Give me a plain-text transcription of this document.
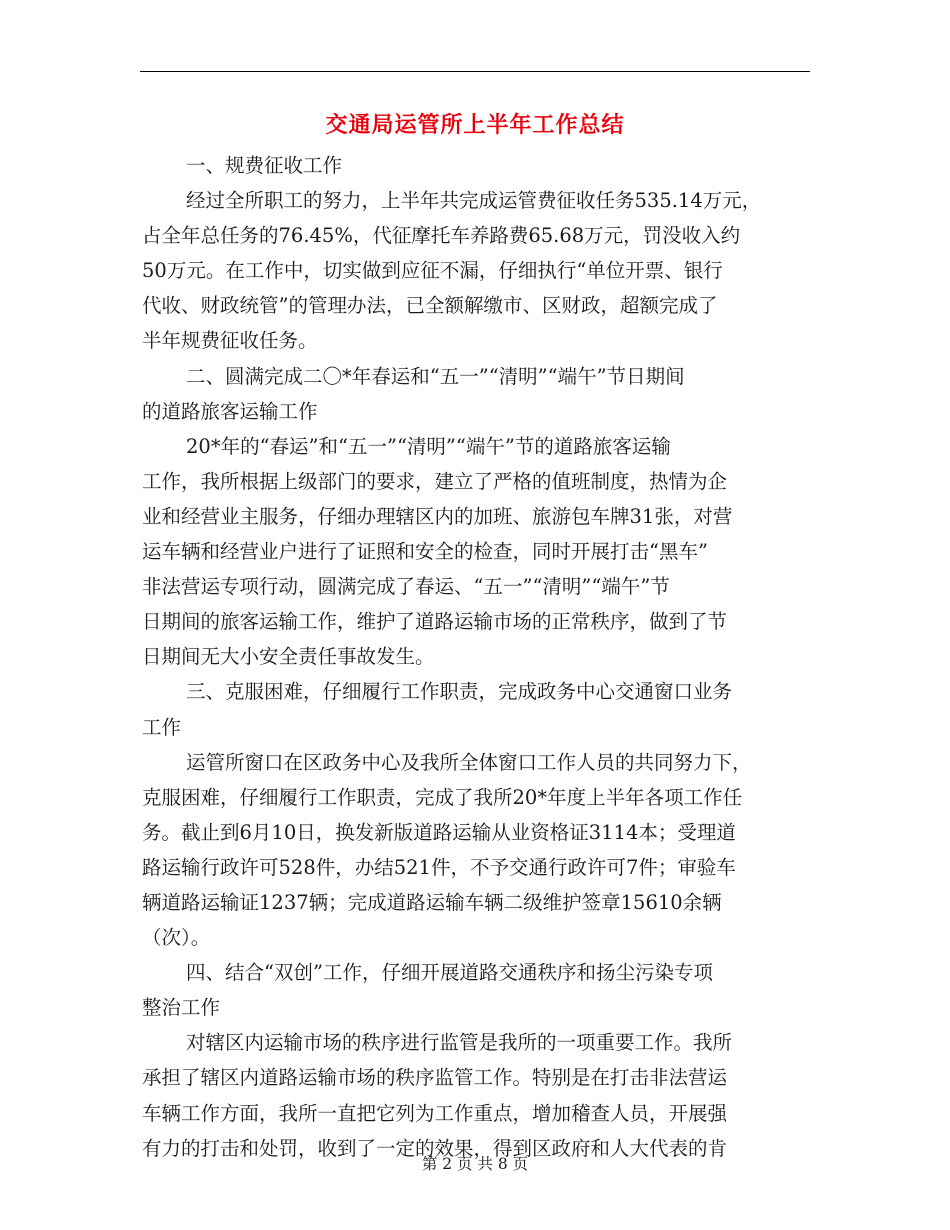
交通局运管所上半年工作总结
一、规费征收工作
经过全所职工的努力，上半年共完成运管费征收任务535.14万元，
占全年总任务的76.45%，代征摩托车养路费65.68万元，罚没收入约
50万元。在工作中，切实做到应征不漏，仔细执行“单位开票、银行
代收、财政统管”的管理办法，已全额解缴市、区财政，超额完成了
半年规费征收任务。
二、圆满完成二〇*年春运和“五一”“清明”“端午”节日期间
的道路旅客运输工作
20*年的“春运”和“五一”“清明”“端午”节的道路旅客运输
工作，我所根据上级部门的要求，建立了严格的值班制度，热情为企
业和经营业主服务，仔细办理辖区内的加班、旅游包车牌31张，对营
运车辆和经营业户进行了证照和安全的检查，同时开展打击“黑车”
非法营运专项行动，圆满完成了春运、“五一”“清明”“端午”节
日期间的旅客运输工作，维护了道路运输市场的正常秩序，做到了节
日期间无大小安全责任事故发生。
三、克服困难，仔细履行工作职责，完成政务中心交通窗口业务
工作
运管所窗口在区政务中心及我所全体窗口工作人员的共同努力下，
克服困难，仔细履行工作职责，完成了我所20*年度上半年各项工作任
务。截止到6月10日，换发新版道路运输从业资格证3114本；受理道
路运输行政许可528件，办结521件，不予交通行政许可7件；审验车
辆道路运输证1237辆；完成道路运输车辆二级维护签章15610余辆
（次）。
四、结合“双创”工作，仔细开展道路交通秩序和扬尘污染专项
整治工作
对辖区内运输市场的秩序进行监管是我所的一项重要工作。我所
承担了辖区内道路运输市场的秩序监管工作。特别是在打击非法营运
车辆工作方面，我所一直把它列为工作重点，增加稽查人员，开展强
有力的打击和处罚，收到了一定的效果，得到区政府和人大代表的肯
第 2 页 共 8 页
